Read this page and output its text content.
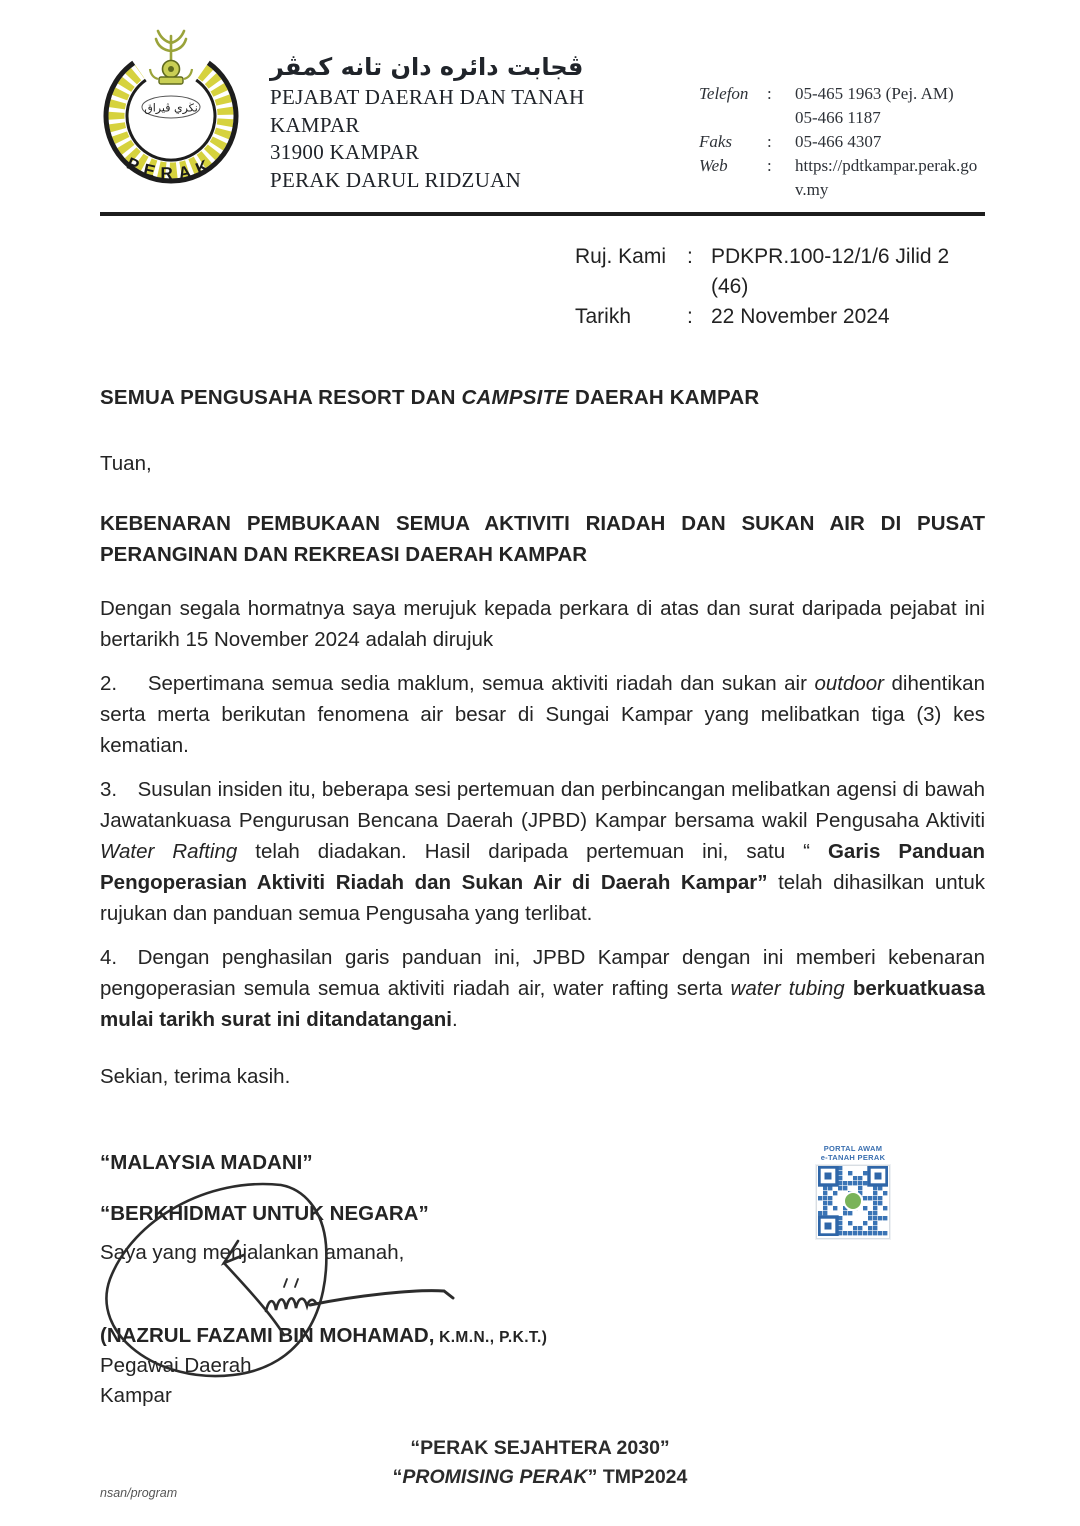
نڬري ڤيراق
PERAK
ڤجابت دائره دان تانه كمڤر
PEJABAT DAERAH DAN TANAH
KAMPAR
31900 KAMPAR
PERAK DARUL RIDZUAN
Telefon	:	05-465 1963 (Pej. AM)
05-466 1187
Faks	:	05-466 4307
Web	:	https://pdtkampar.perak.gov.my
Ruj. Kami : PDKPR.100-12/1/6 Jilid 2 (46)
Tarikh	: 22 November 2024
SEMUA PENGUSAHA RESORT DAN CAMPSITE DAERAH KAMPAR
Tuan,
KEBENARAN PEMBUKAAN SEMUA AKTIVITI RIADAH DAN SUKAN AIR DI PUSAT PERANGINAN DAN REKREASI DAERAH KAMPAR
Dengan segala hormatnya saya merujuk kepada perkara di atas dan surat daripada pejabat ini bertarikh 15 November 2024 adalah dirujuk
2.  Sepertimana semua sedia maklum, semua aktiviti riadah dan sukan air outdoor dihentikan serta merta berikutan fenomena air besar di Sungai Kampar yang melibatkan tiga (3) kes kematian.
3.  Susulan insiden itu, beberapa sesi pertemuan dan perbincangan melibatkan agensi di bawah Jawatankuasa Pengurusan Bencana Daerah (JPBD) Kampar bersama wakil Pengusaha Aktiviti Water Rafting telah diadakan. Hasil daripada pertemuan ini, satu “ Garis Panduan Pengoperasian Aktiviti Riadah dan Sukan Air di Daerah Kampar” telah dihasilkan untuk rujukan dan panduan semua Pengusaha yang terlibat.
4.  Dengan penghasilan garis panduan ini, JPBD Kampar dengan ini memberi kebenaran pengoperasian semula semua aktiviti riadah air, water rafting serta water tubing berkuatkuasa mulai tarikh surat ini ditandatangani.
Sekian, terima kasih.
“MALAYSIA MADANI”
“BERKHIDMAT UNTUK NEGARA”
Saya yang menjalankan amanah,
(NAZRUL FAZAMI BIN MOHAMAD, K.M.N., P.K.T.)
Pegawai Daerah
Kampar
PORTAL AWAM
e-TANAH PERAK
“PERAK SEJAHTERA 2030”
“PROMISING PERAK” TMP2024
nsan/program
